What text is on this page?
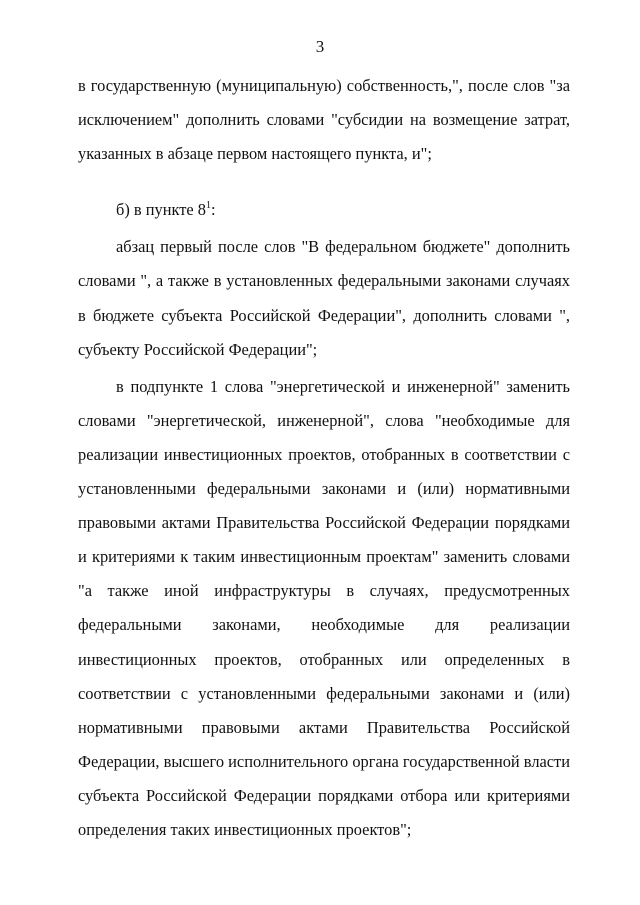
3

в государственную (муниципальную) собственность,", после слов "за исключением" дополнить словами "субсидии на возмещение затрат, указанных в абзаце первом настоящего пункта, и";

б) в пункте $8^1$:

абзац первый после слов "В федеральном бюджете" дополнить словами ", а также в установленных федеральными законами случаях в бюджете субъекта Российской Федерации", дополнить словами ", субъекту Российской Федерации";

в подпункте 1 слова "энергетической и инженерной" заменить словами "энергетической, инженерной", слова "необходимые для реализации инвестиционных проектов, отобранных в соответствии с установленными федеральными законами и (или) нормативными правовыми актами Правительства Российской Федерации порядками и критериями к таким инвестиционным проектам" заменить словами "а также иной инфраструктуры в случаях, предусмотренных федеральными законами, необходимые для реализации инвестиционных проектов, отобранных или определенных в соответствии с установленными федеральными законами и (или) нормативными правовыми актами Правительства Российской Федерации, высшего исполнительного органа государственной власти субъекта Российской Федерации порядками отбора или критериями определения таких инвестиционных проектов";
